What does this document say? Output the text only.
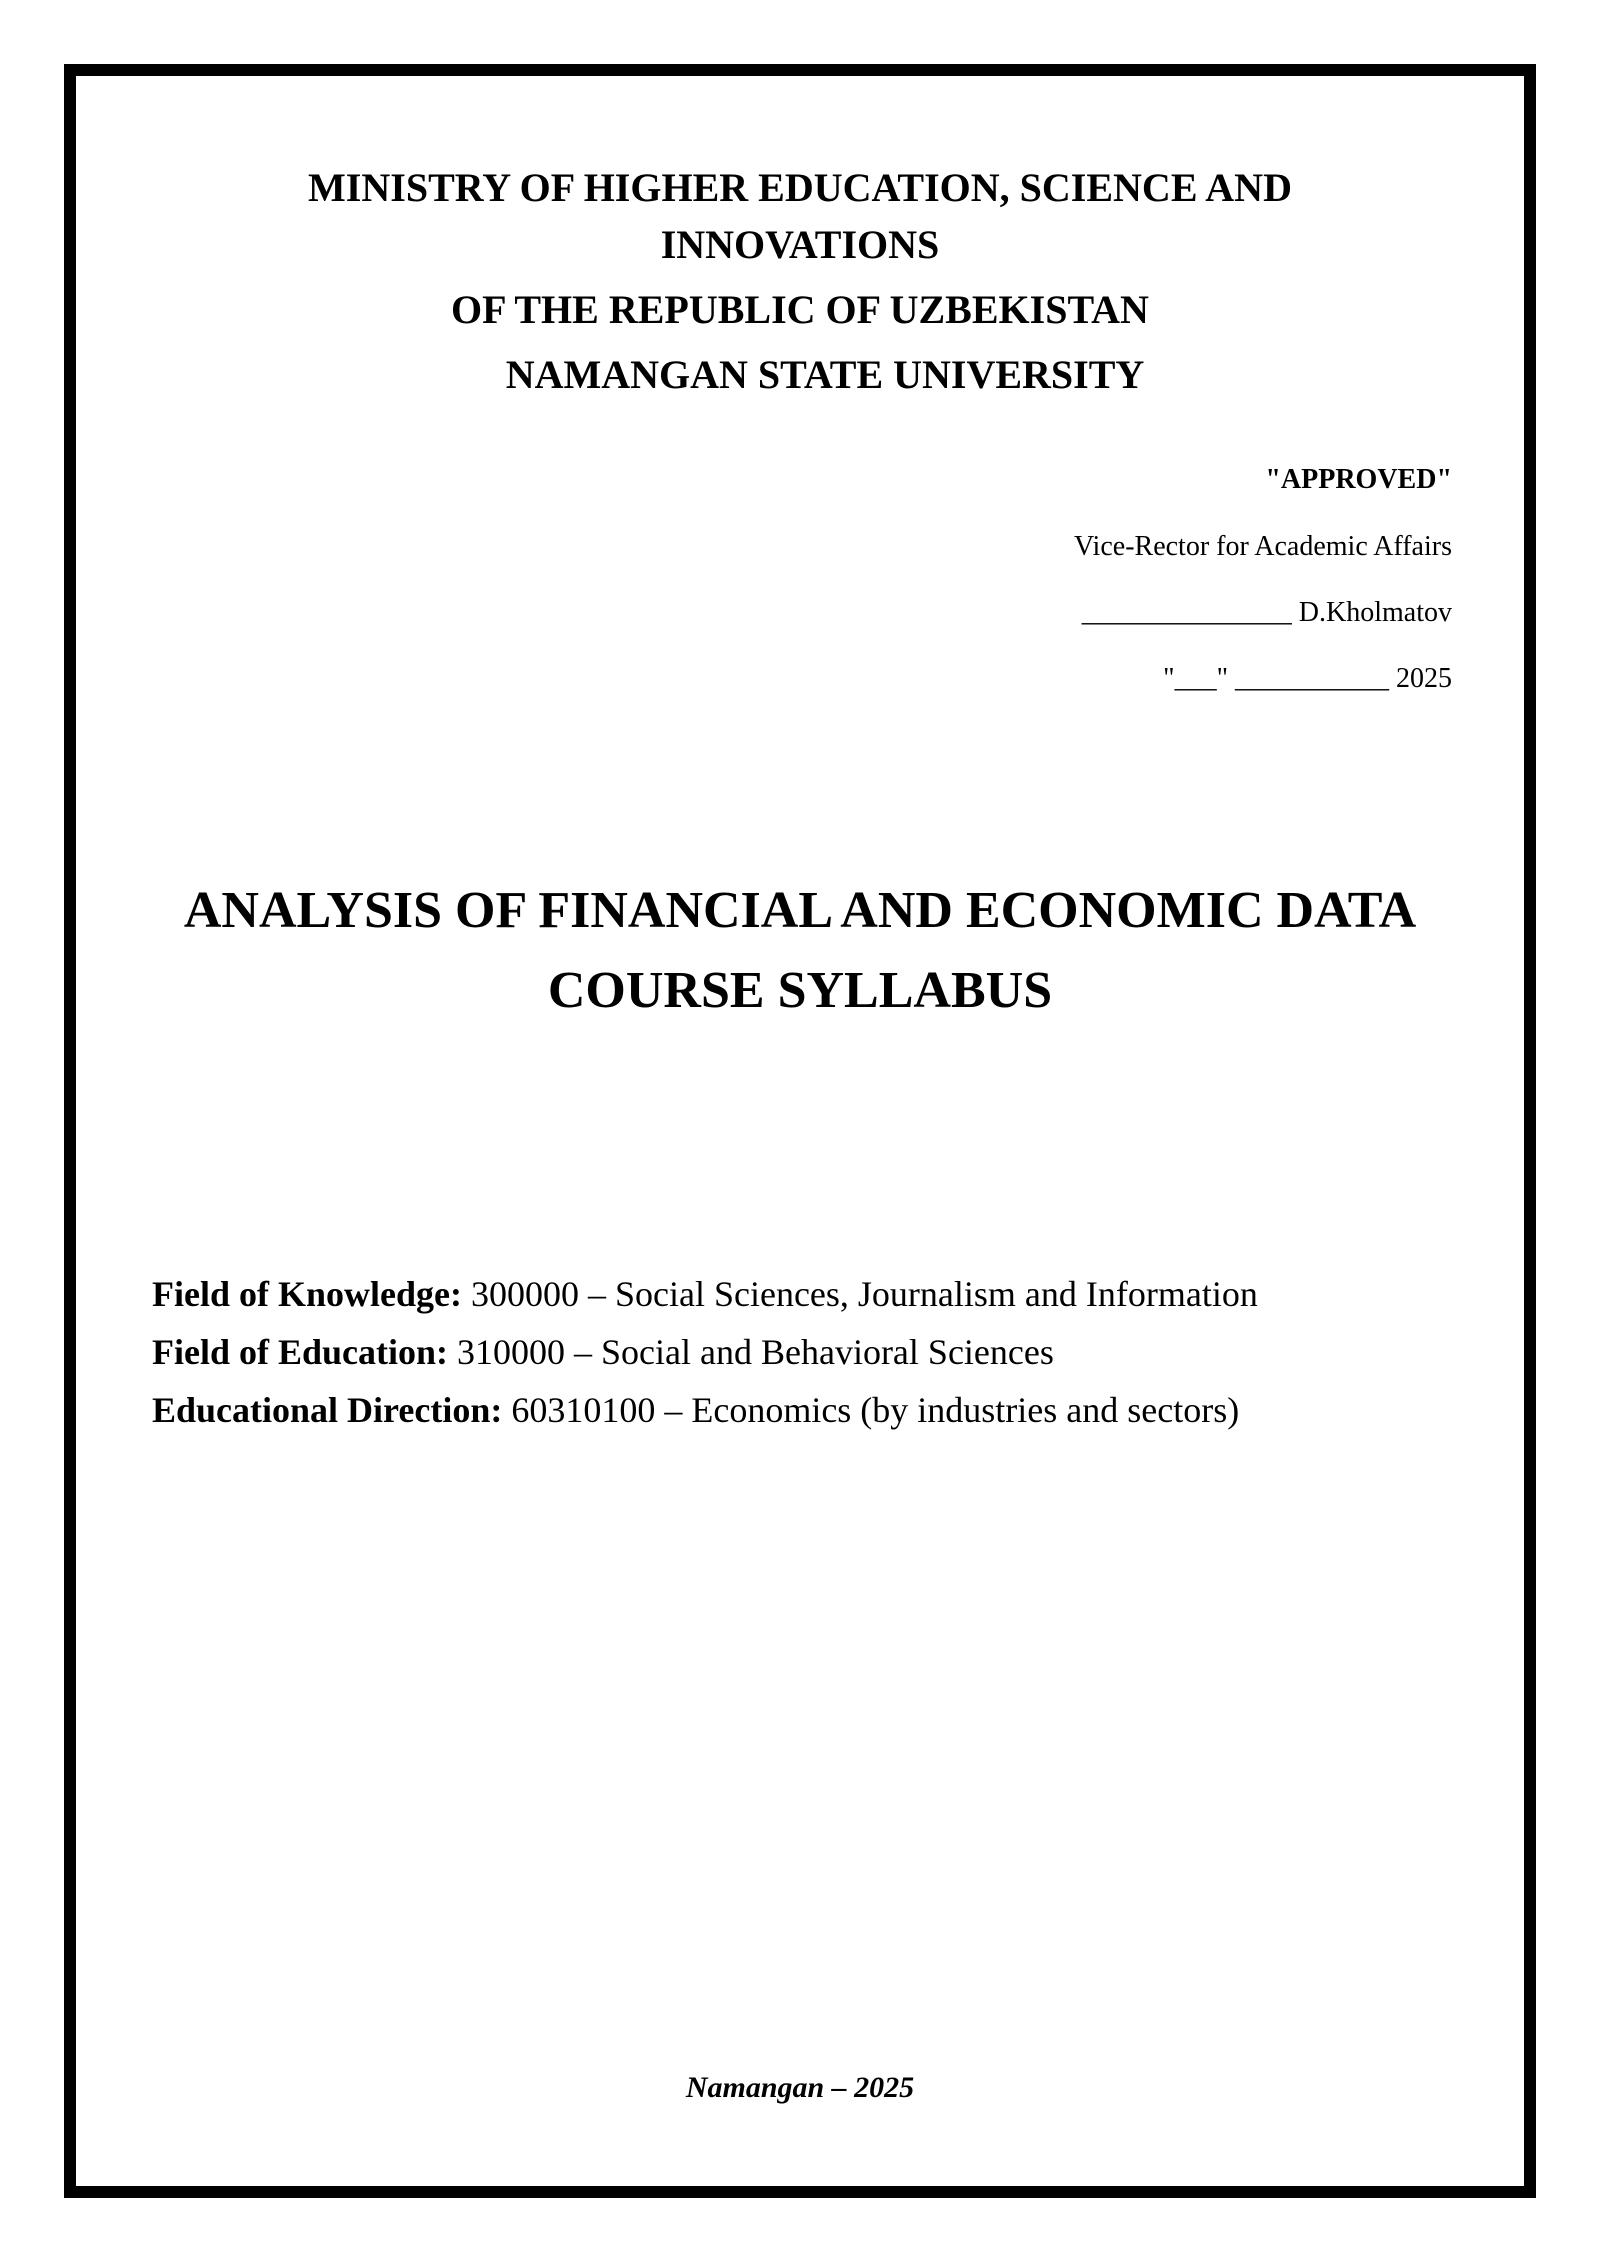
MINISTRY OF HIGHER EDUCATION, SCIENCE AND
INNOVATIONS
OF THE REPUBLIC OF UZBEKISTAN
NAMANGAN STATE UNIVERSITY
"APPROVED"
Vice-Rector for Academic Affairs
_______________ D.Kholmatov
"___" ___________ 2025
ANALYSIS OF FINANCIAL AND ECONOMIC DATA
COURSE SYLLABUS
Field of Knowledge: 300000 – Social Sciences, Journalism and Information
Field of Education: 310000 – Social and Behavioral Sciences
Educational Direction: 60310100 – Economics (by industries and sectors)
Namangan – 2025
